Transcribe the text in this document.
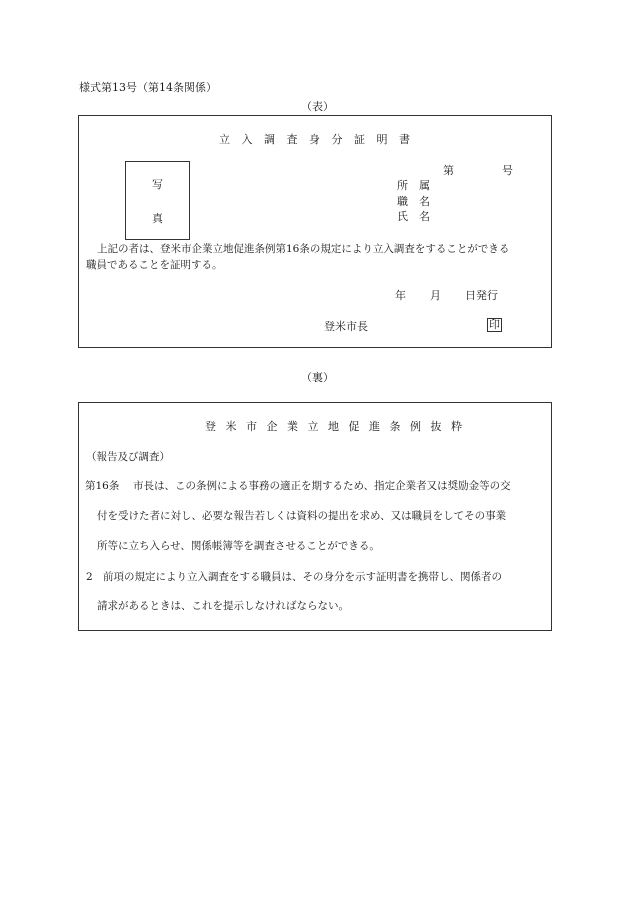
様式第13号（第14条関係）
（表）
立 入 調 査 身 分 証 明 書
第	号
写
真
所　属
職　名
氏　名
上記の者は、登米市企業立地促進条例第16条の規定により立入調査をすることができる
職員であることを証明する。
年 月 日発行
登米市長	印
（裏）
登 米 市 企 業 立 地 促 進 条 例 抜 粋
（報告及び調査）
第16条 市長は、この条例による事務の適正を期するため、指定企業者又は奨励金等の交
付を受けた者に対し、必要な報告若しくは資料の提出を求め、又は職員をしてその事業
所等に立ち入らせ、関係帳簿等を調査させることができる。
2 前項の規定により立入調査をする職員は、その身分を示す証明書を携帯し、関係者の
請求があるときは、これを提示しなければならない。
